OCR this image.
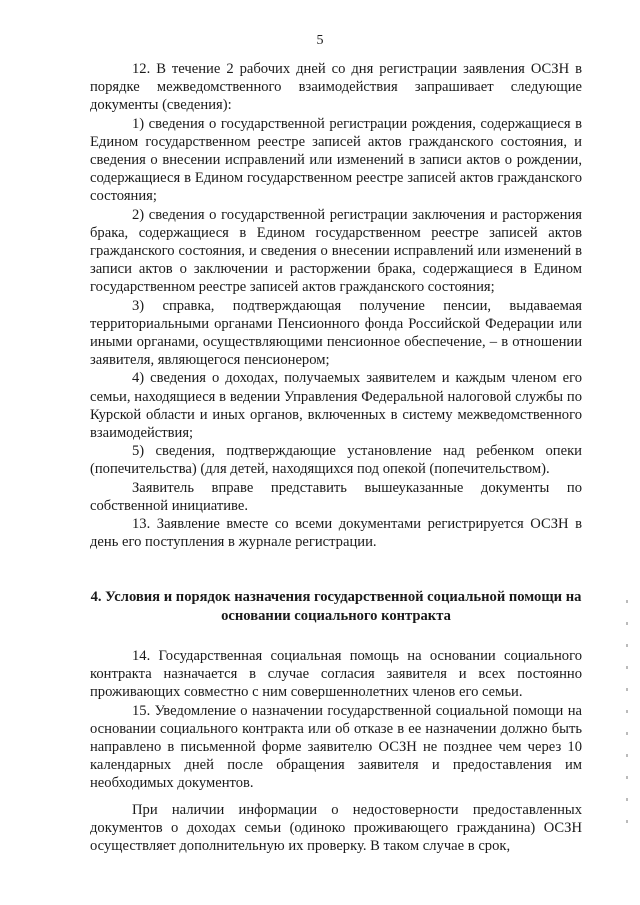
5

12. В течение 2 рабочих дней со дня регистрации заявления ОСЗН в порядке межведомственного взаимодействия запрашивает следующие документы (сведения):

1) сведения о государственной регистрации рождения, содержащиеся в Едином государственном реестре записей актов гражданского состояния, и сведения о внесении исправлений или изменений в записи актов о рождении, содержащиеся в Едином государственном реестре записей актов гражданского состояния;

2) сведения о государственной регистрации заключения и расторжения брака, содержащиеся в Едином государственном реестре записей актов гражданского состояния, и сведения о внесении исправлений или изменений в записи актов о заключении и расторжении брака, содержащиеся в Едином государственном реестре записей актов гражданского состояния;

3) справка, подтверждающая получение пенсии, выдаваемая территориальными органами Пенсионного фонда Российской Федерации или иными органами, осуществляющими пенсионное обеспечение, – в отношении заявителя, являющегося пенсионером;

4) сведения о доходах, получаемых заявителем и каждым членом его семьи, находящиеся в ведении Управления Федеральной налоговой службы по Курской области и иных органов, включенных в систему межведомственного взаимодействия;

5) сведения, подтверждающие установление над ребенком опеки (попечительства) (для детей, находящихся под опекой (попечительством).

Заявитель вправе представить вышеуказанные документы по собственной инициативе.

13. Заявление вместе со всеми документами регистрируется ОСЗН в день его поступления в журнале регистрации.

4. Условия и порядок назначения государственной социальной помощи на основании социального контракта

14. Государственная социальная помощь на основании социального контракта назначается в случае согласия заявителя и всех постоянно проживающих совместно с ним совершеннолетних членов его семьи.

15. Уведомление о назначении государственной социальной помощи на основании социального контракта или об отказе в ее назначении должно быть направлено в письменной форме заявителю ОСЗН не позднее чем через 10 календарных дней после обращения заявителя и предоставления им необходимых документов.

При наличии информации о недостоверности предоставленных документов о доходах семьи (одиноко проживающего гражданина) ОСЗН осуществляет дополнительную их проверку. В таком случае в срок,
